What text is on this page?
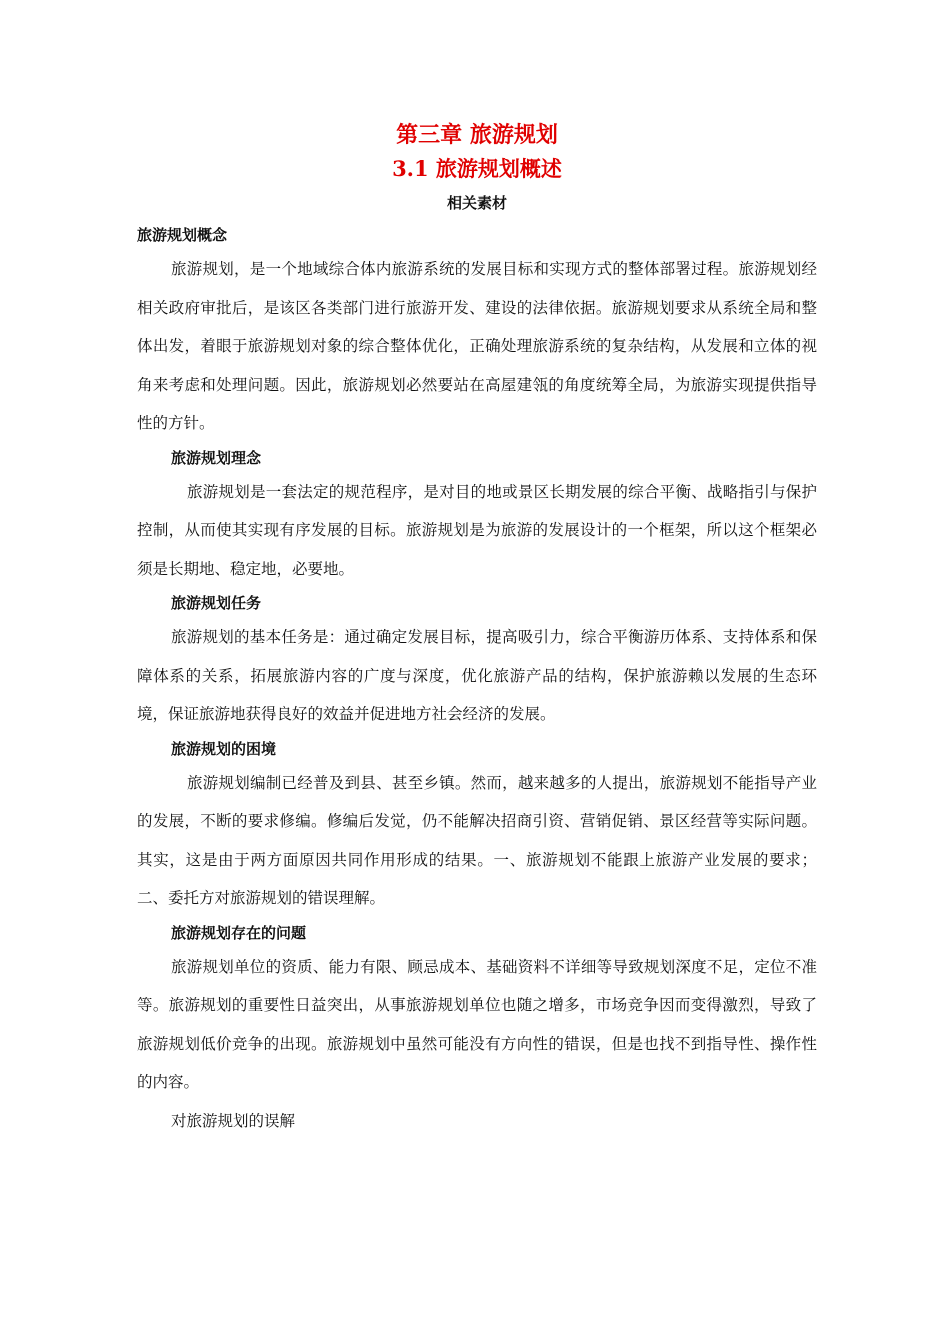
第三章 旅游规划
3.1 旅游规划概述
相关素材
旅游规划概念

旅游规划，是一个地域综合体内旅游系统的发展目标和实现方式的整体部署过程。旅游规划经相关政府审批后，是该区各类部门进行旅游开发、建设的法律依据。旅游规划要求从系统全局和整体出发，着眼于旅游规划对象的综合整体优化，正确处理旅游系统的复杂结构，从发展和立体的视角来考虑和处理问题。因此，旅游规划必然要站在高屋建瓴的角度统筹全局，为旅游实现提供指导性的方针。

旅游规划理念

旅游规划是一套法定的规范程序，是对目的地或景区长期发展的综合平衡、战略指引与保护控制，从而使其实现有序发展的目标。旅游规划是为旅游的发展设计的一个框架，所以这个框架必须是长期地、稳定地，必要地。

旅游规划任务

旅游规划的基本任务是：通过确定发展目标，提高吸引力，综合平衡游历体系、支持体系和保障体系的关系，拓展旅游内容的广度与深度，优化旅游产品的结构，保护旅游赖以发展的生态环境，保证旅游地获得良好的效益并促进地方社会经济的发展。

旅游规划的困境

旅游规划编制已经普及到县、甚至乡镇。然而，越来越多的人提出，旅游规划不能指导产业的发展，不断的要求修编。修编后发觉，仍不能解决招商引资、营销促销、景区经营等实际问题。其实，这是由于两方面原因共同作用形成的结果。一、旅游规划不能跟上旅游产业发展的要求；二、委托方对旅游规划的错误理解。

旅游规划存在的问题

旅游规划单位的资质、能力有限、顾忌成本、基础资料不详细等导致规划深度不足，定位不准等。旅游规划的重要性日益突出，从事旅游规划单位也随之增多，市场竞争因而变得激烈，导致了旅游规划低价竞争的出现。旅游规划中虽然可能没有方向性的错误，但是也找不到指导性、操作性的内容。

对旅游规划的误解
